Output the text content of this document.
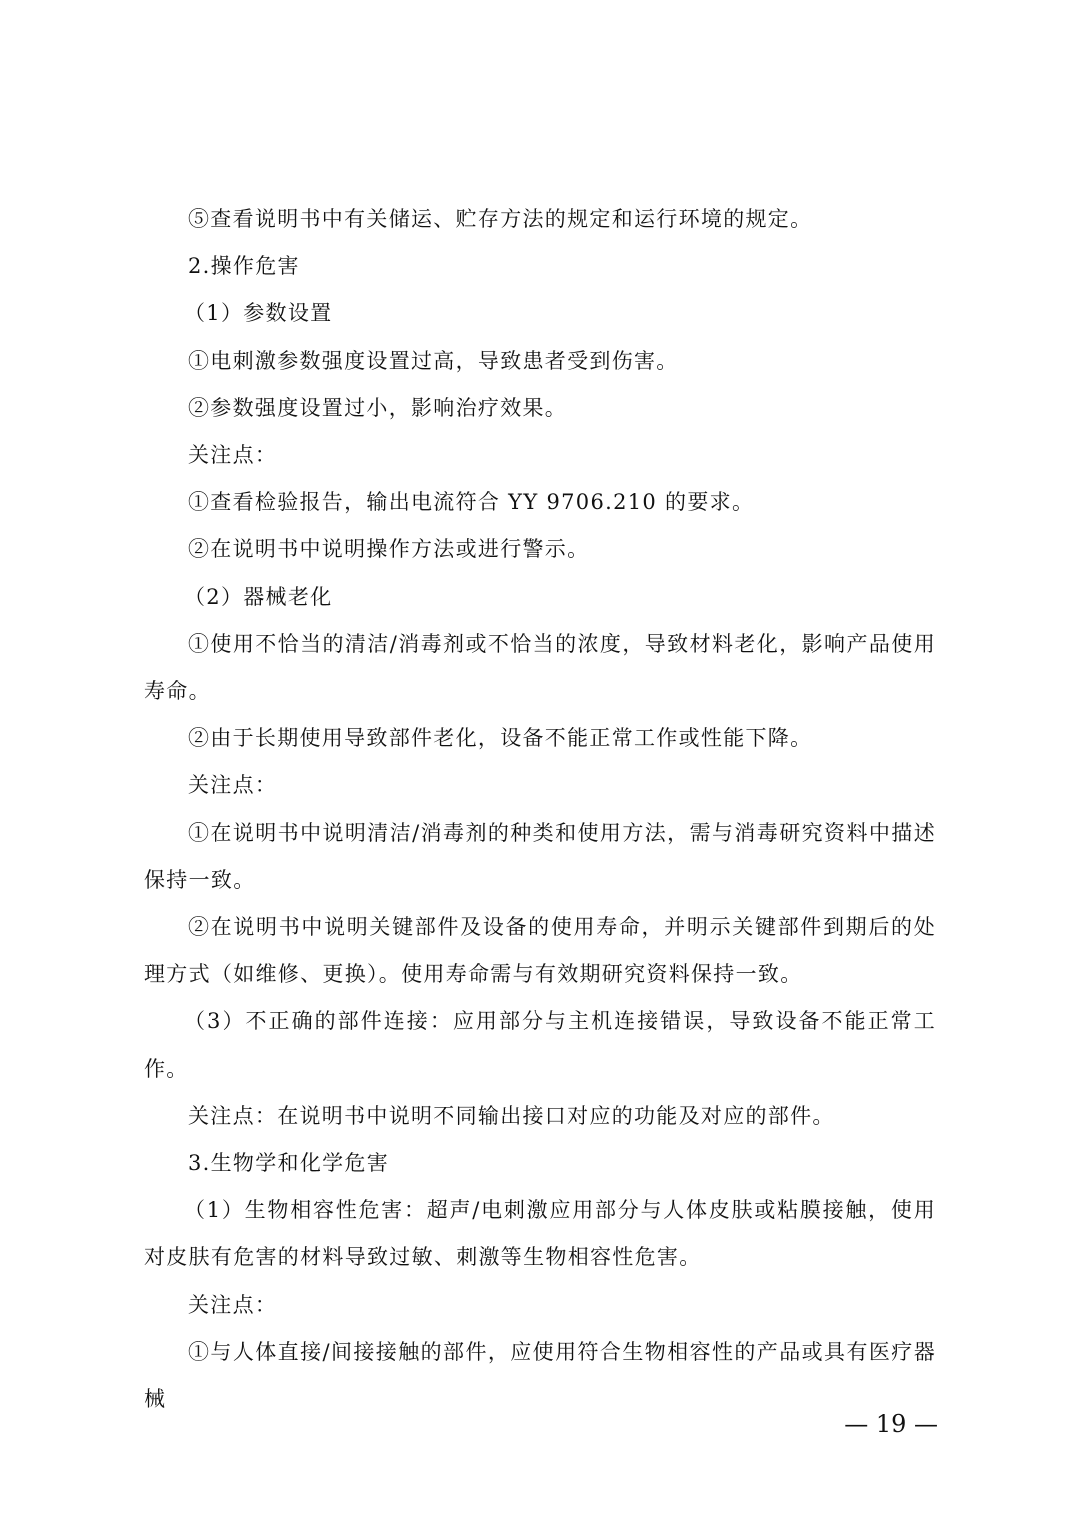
⑤查看说明书中有关储运、贮存方法的规定和运行环境的规定。

2.操作危害

（1）参数设置

①电刺激参数强度设置过高，导致患者受到伤害。

②参数强度设置过小，影响治疗效果。

关注点：

①查看检验报告，输出电流符合 YY 9706.210 的要求。

②在说明书中说明操作方法或进行警示。

（2）器械老化

①使用不恰当的清洁/消毒剂或不恰当的浓度，导致材料老化，影响产品使用寿命。

②由于长期使用导致部件老化，设备不能正常工作或性能下降。

关注点：

①在说明书中说明清洁/消毒剂的种类和使用方法，需与消毒研究资料中描述保持一致。

②在说明书中说明关键部件及设备的使用寿命，并明示关键部件到期后的处理方式（如维修、更换）。使用寿命需与有效期研究资料保持一致。

（3）不正确的部件连接：应用部分与主机连接错误，导致设备不能正常工作。

关注点：在说明书中说明不同输出接口对应的功能及对应的部件。

3.生物学和化学危害

（1）生物相容性危害：超声/电刺激应用部分与人体皮肤或粘膜接触，使用对皮肤有危害的材料导致过敏、刺激等生物相容性危害。

关注点：

①与人体直接/间接接触的部件，应使用符合生物相容性的产品或具有医疗器械

— 19 —
